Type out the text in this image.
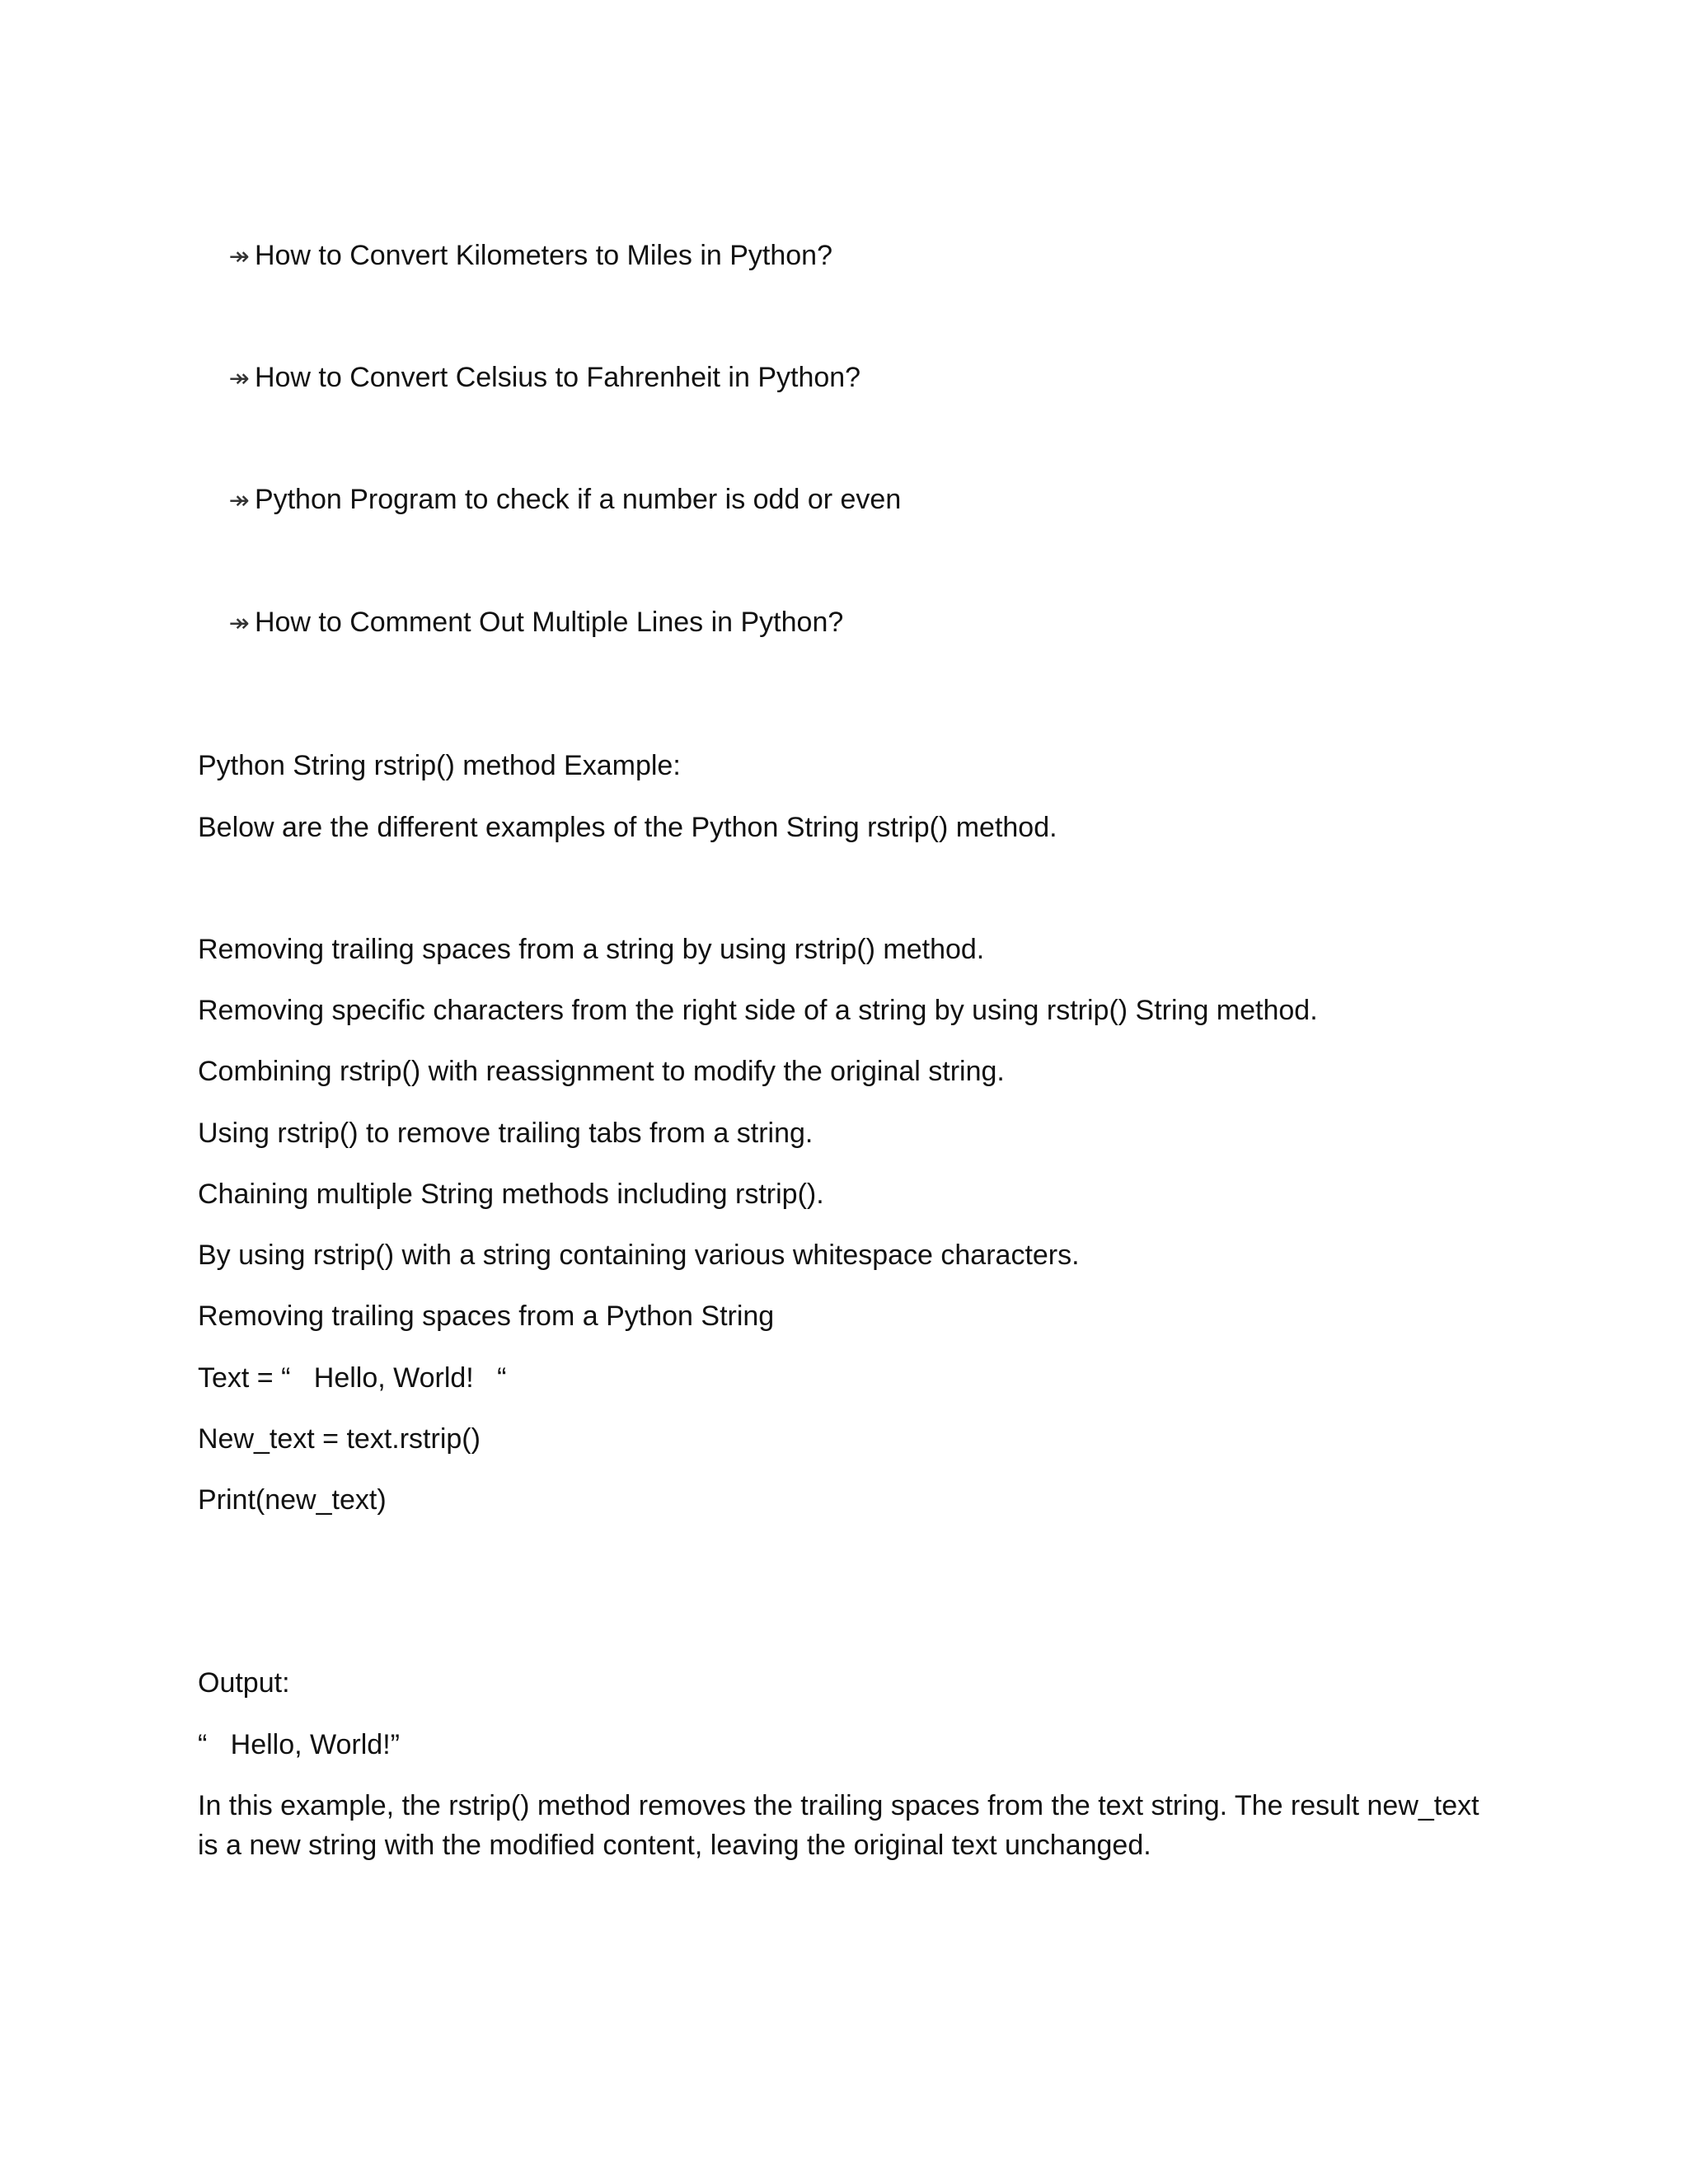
↠ How to Convert Kilometers to Miles in Python?

↠ How to Convert Celsius to Fahrenheit in Python?

↠ Python Program to check if a number is odd or even

↠ How to Comment Out Multiple Lines in Python?

Python String rstrip() method Example:
Below are the different examples of the Python String rstrip() method.
Removing trailing spaces from a string by using rstrip() method.
Removing specific characters from the right side of a string by using rstrip() String method.
Combining rstrip() with reassignment to modify the original string.
Using rstrip() to remove trailing tabs from a string.
Chaining multiple String methods including rstrip().
By using rstrip() with a string containing various whitespace characters.
Removing trailing spaces from a Python String
Text = “   Hello, World!   “
New_text = text.rstrip()
Print(new_text)
Output:
“   Hello, World!”
In this example, the rstrip() method removes the trailing spaces from the text string. The result new_text is a new string with the modified content, leaving the original text unchanged.
